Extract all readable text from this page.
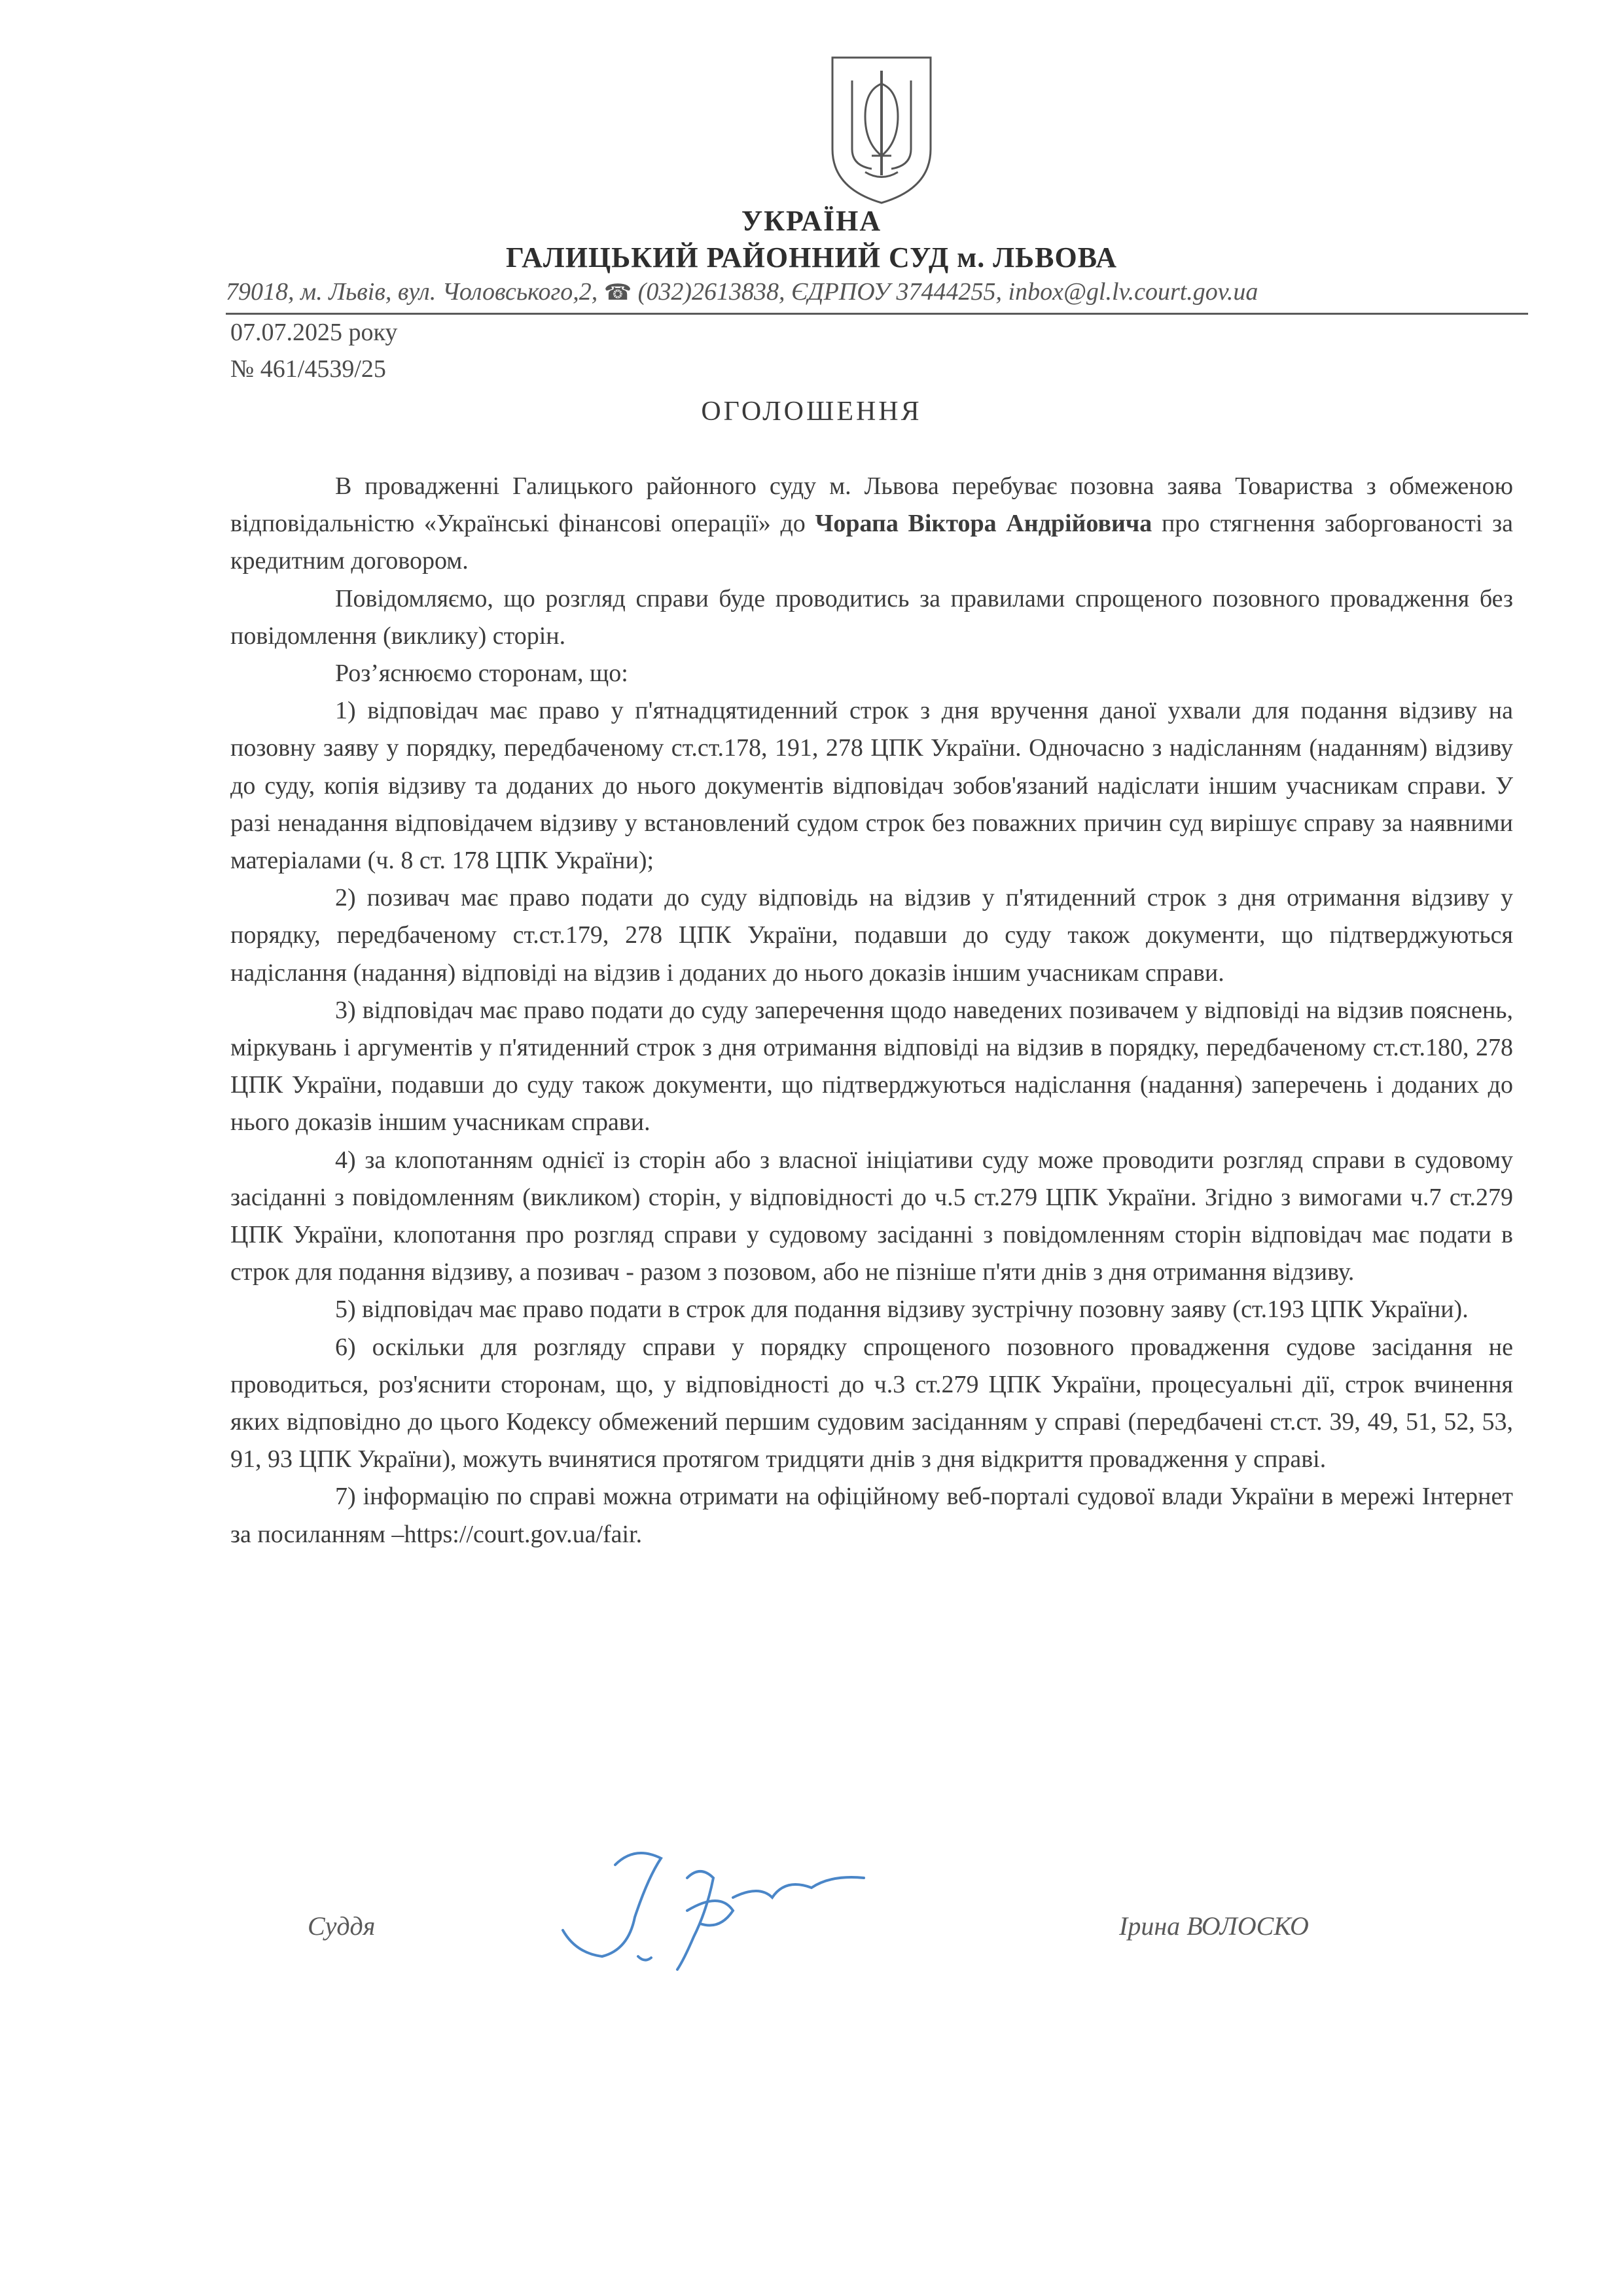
УКРАЇНА
ГАЛИЦЬКИЙ РАЙОННИЙ СУД м. ЛЬВОВА
79018, м. Львів, вул. Чоловського,2, ☎ (032)2613838, ЄДРПОУ 37444255, inbox@gl.lv.court.gov.ua
07.07.2025 року
№ 461/4539/25
ОГОЛОШЕННЯ

В провадженні Галицького районного суду м. Львова перебуває позовна заява Товариства з обмеженою відповідальністю «Українські фінансові операції» до Чорапа Віктора Андрійовича про стягнення заборгованості за кредитним договором.

Повідомляємо, що розгляд справи буде проводитись за правилами спрощеного позовного провадження без повідомлення (виклику) сторін.

Роз’яснюємо сторонам, що:

1) відповідач має право у п'ятнадцятиденний строк з дня вручення даної ухвали для подання відзиву на позовну заяву у порядку, передбаченому ст.ст.178, 191, 278 ЦПК України. Одночасно з надісланням (наданням) відзиву до суду, копія відзиву та доданих до нього документів відповідач зобов'язаний надіслати іншим учасникам справи. У разі ненадання відповідачем відзиву у встановлений судом строк без поважних причин суд вирішує справу за наявними матеріалами (ч. 8 ст. 178 ЦПК України);

2) позивач має право подати до суду відповідь на відзив у п'ятиденний строк з дня отримання відзиву у порядку, передбаченому ст.ст.179, 278 ЦПК України, подавши до суду також документи, що підтверджуються надіслання (надання) відповіді на відзив і доданих до нього доказів іншим учасникам справи.

3) відповідач має право подати до суду заперечення щодо наведених позивачем у відповіді на відзив пояснень, міркувань і аргументів у п'ятиденний строк з дня отримання відповіді на відзив в порядку, передбаченому ст.ст.180, 278 ЦПК України, подавши до суду також документи, що підтверджуються надіслання (надання) заперечень і доданих до нього доказів іншим учасникам справи.

4) за клопотанням однієї із сторін або з власної ініціативи суду може проводити розгляд справи в судовому засіданні з повідомленням (викликом) сторін, у відповідності до ч.5 ст.279 ЦПК України. Згідно з вимогами ч.7 ст.279 ЦПК України, клопотання про розгляд справи у судовому засіданні з повідомленням сторін відповідач має подати в строк для подання відзиву, а позивач - разом з позовом, або не пізніше п'яти днів з дня отримання відзиву.

5) відповідач має право подати в строк для подання відзиву зустрічну позовну заяву (ст.193 ЦПК України).

6) оскільки для розгляду справи у порядку спрощеного позовного провадження судове засідання не проводиться, роз'яснити сторонам, що, у відповідності до ч.3 ст.279 ЦПК України, процесуальні дії, строк вчинення яких відповідно до цього Кодексу обмежений першим судовим засіданням у справі (передбачені ст.ст. 39, 49, 51, 52, 53, 91, 93 ЦПК України), можуть вчинятися протягом тридцяти днів з дня відкриття провадження у справі.

7) інформацію по справі можна отримати на офіційному веб-порталі судової влади України в мережі Інтернет за посиланням –https://court.gov.ua/fair.

Суддя	Ірина ВОЛОСКО
